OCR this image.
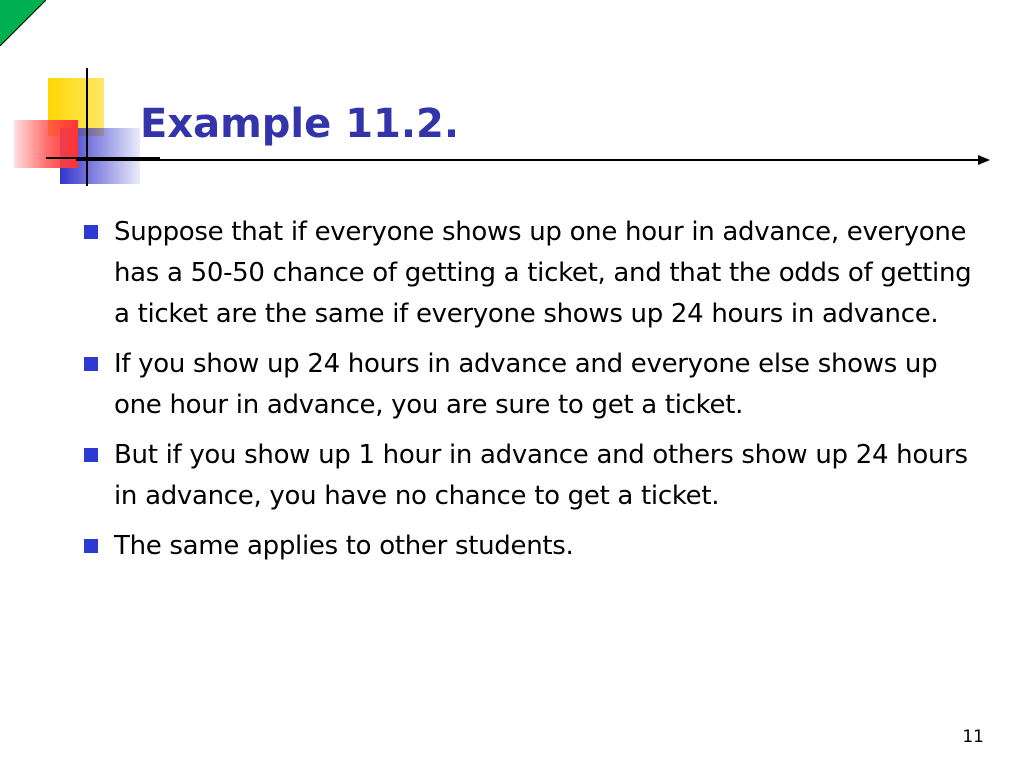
Example 11.2.
Suppose that if everyone shows up one hour in advance, everyone has a 50-50 chance of getting a ticket, and that the odds of getting a ticket are the same if everyone shows up 24 hours in advance.
If you show up 24 hours in advance and everyone else shows up one hour in advance, you are sure to get a ticket.
But if you show up 1 hour in advance and others show up 24 hours in advance, you have no chance to get a ticket.
The same applies to other students.
11
